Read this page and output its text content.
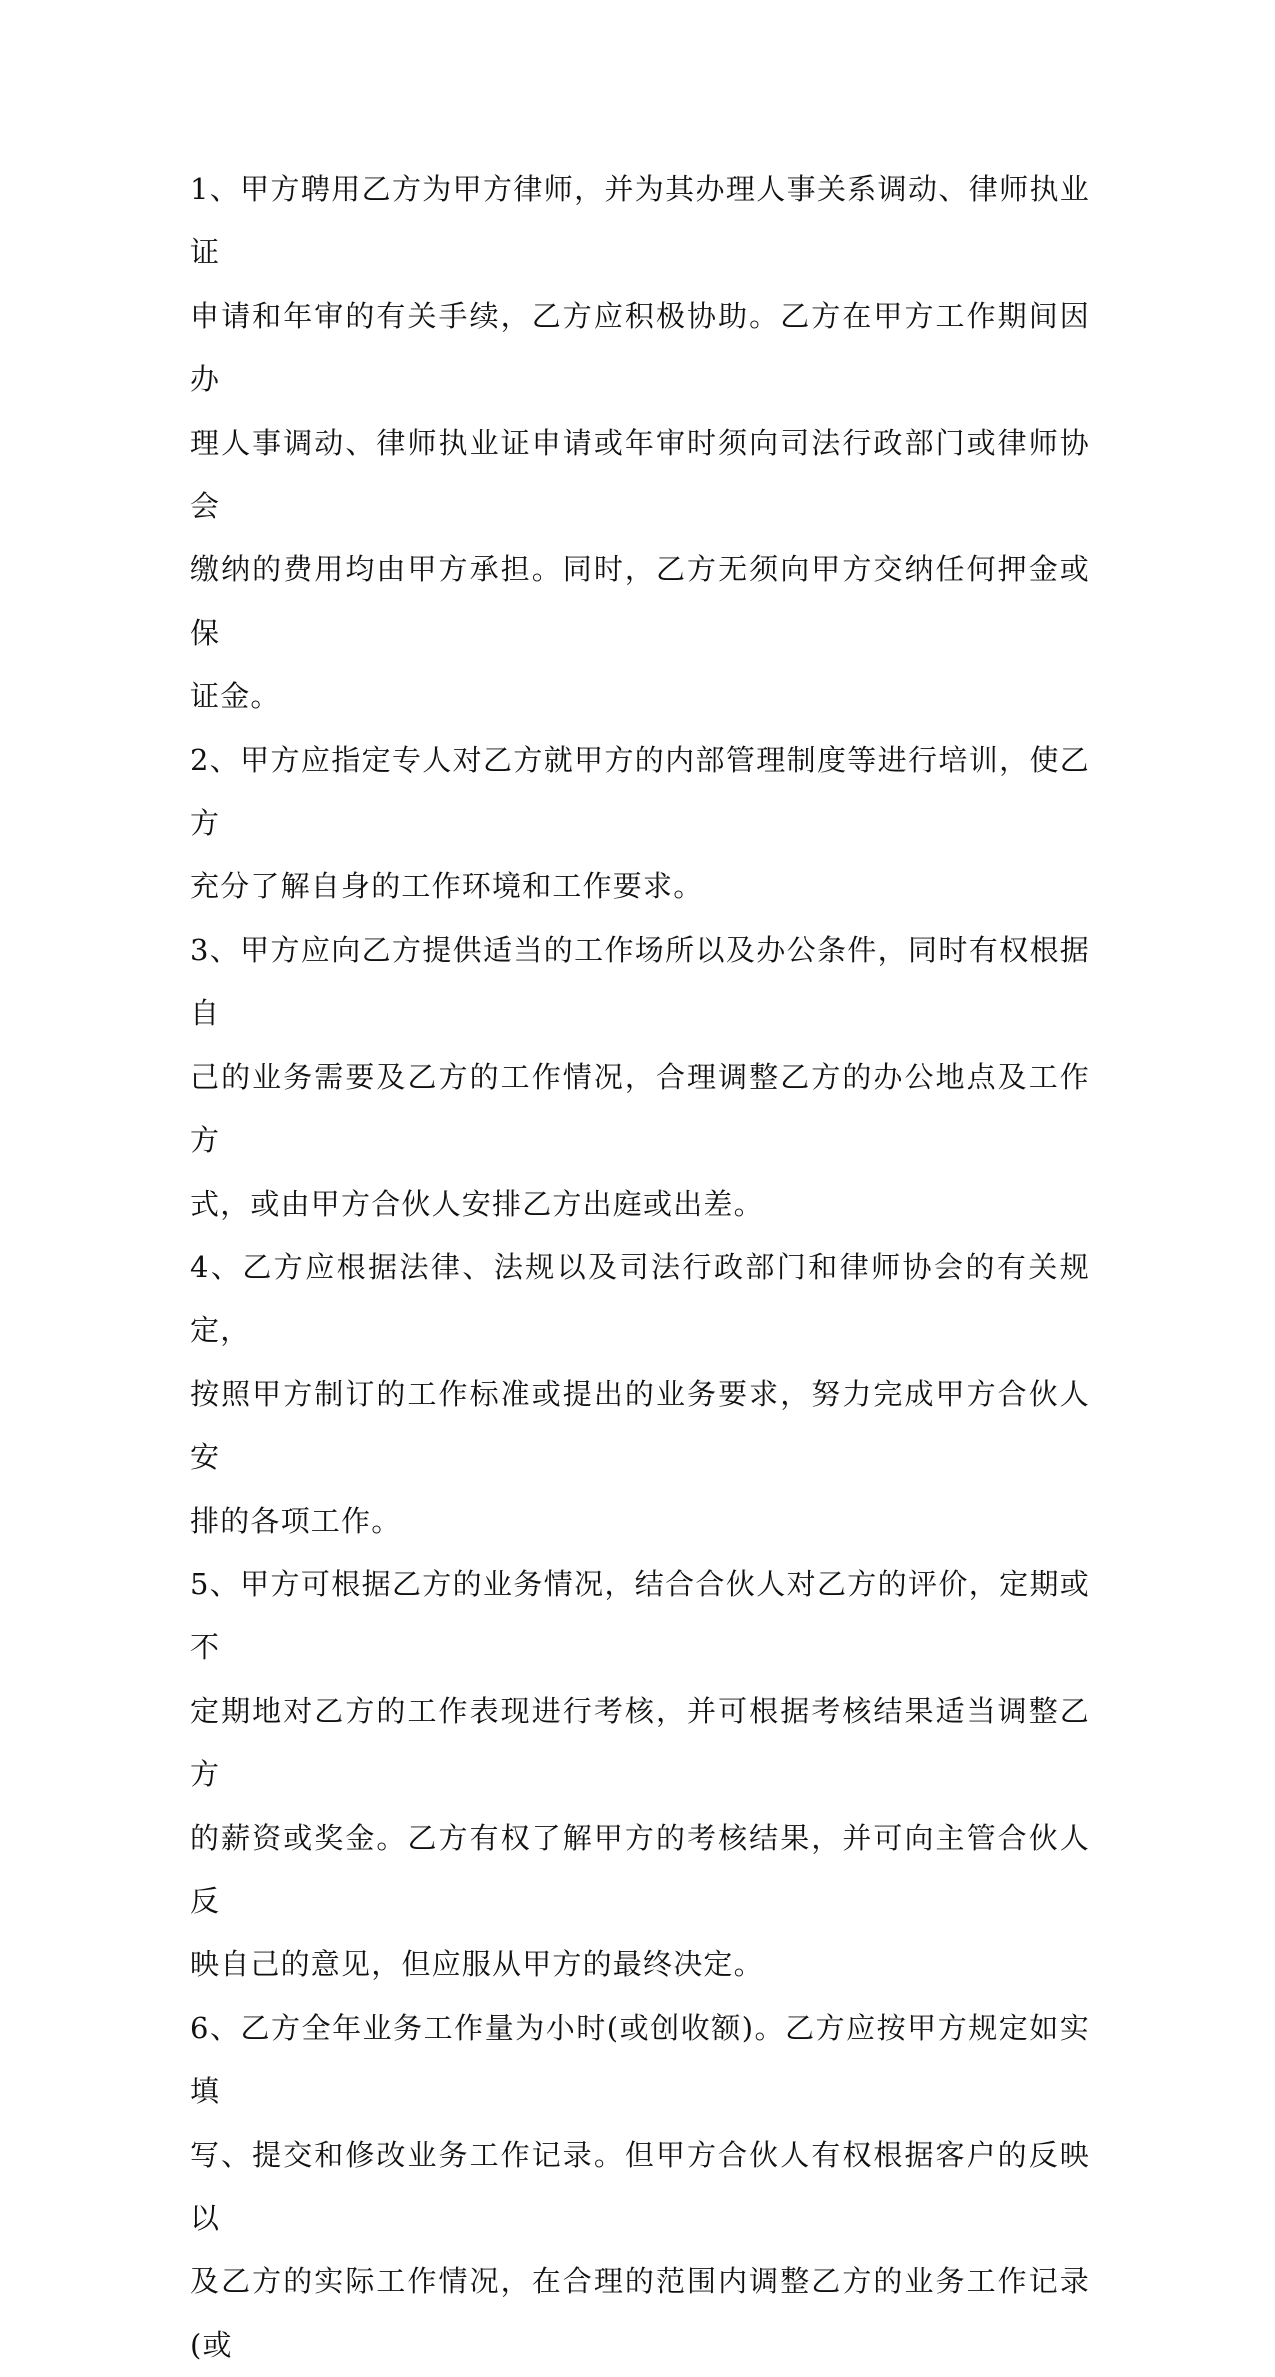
1、甲方聘用乙方为甲方律师，并为其办理人事关系调动、律师执业证
申请和年审的有关手续，乙方应积极协助。乙方在甲方工作期间因办
理人事调动、律师执业证申请或年审时须向司法行政部门或律师协会
缴纳的费用均由甲方承担。同时，乙方无须向甲方交纳任何押金或保
证金。
2、甲方应指定专人对乙方就甲方的内部管理制度等进行培训，使乙方
充分了解自身的工作环境和工作要求。
3、甲方应向乙方提供适当的工作场所以及办公条件，同时有权根据自
己的业务需要及乙方的工作情况，合理调整乙方的办公地点及工作方
式，或由甲方合伙人安排乙方出庭或出差。
4、乙方应根据法律、法规以及司法行政部门和律师协会的有关规定，
按照甲方制订的工作标准或提出的业务要求，努力完成甲方合伙人安
排的各项工作。
5、甲方可根据乙方的业务情况，结合合伙人对乙方的评价，定期或不
定期地对乙方的工作表现进行考核，并可根据考核结果适当调整乙方
的薪资或奖金。乙方有权了解甲方的考核结果，并可向主管合伙人反
映自己的意见，但应服从甲方的最终决定。
6、乙方全年业务工作量为小时(或创收额)。乙方应按甲方规定如实填
写、提交和修改业务工作记录。但甲方合伙人有权根据客户的反映以
及乙方的实际工作情况，在合理的范围内调整乙方的业务工作记录(或
